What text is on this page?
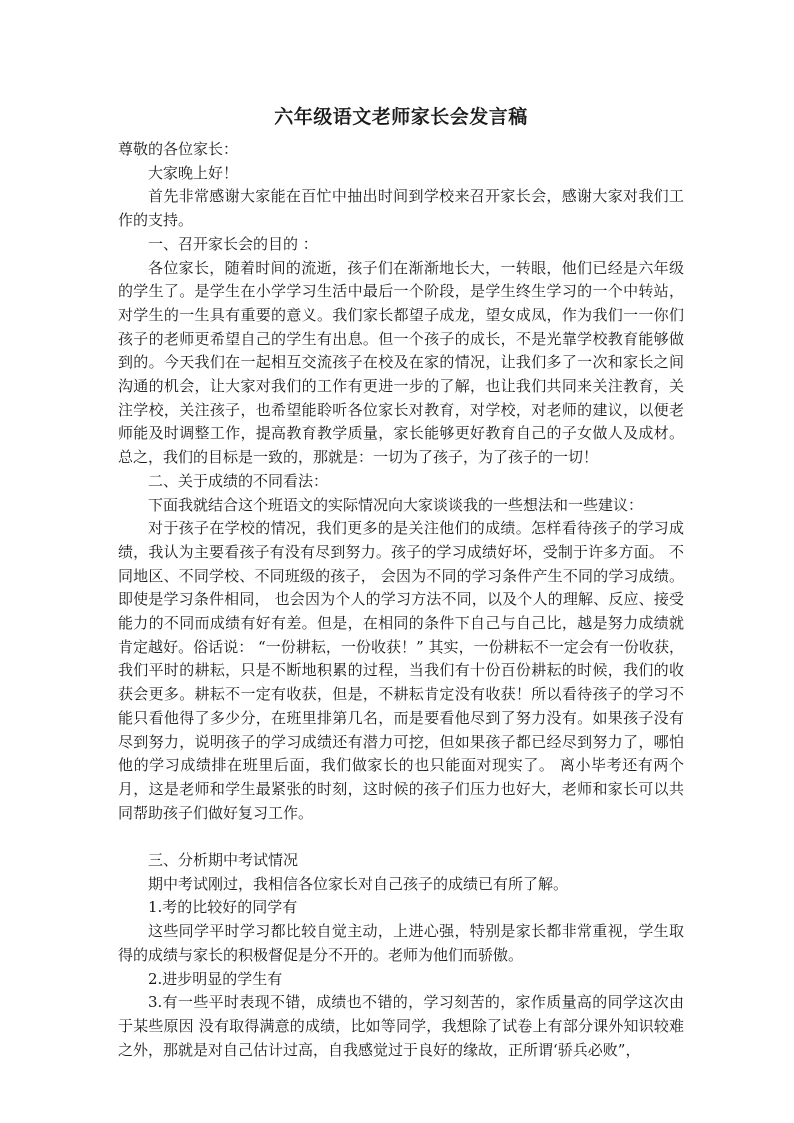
六年级语文老师家长会发言稿

尊敬的各位家长：

大家晚上好！

首先非常感谢大家能在百忙中抽出时间到学校来召开家长会，感谢大家对我们工作的支持。

一、召开家长会的目的 ：

各位家长，随着时间的流逝，孩子们在渐渐地长大，一转眼，他们已经是六年级的学生了。是学生在小学学习生活中最后一个阶段，是学生终生学习的一个中转站，对学生的一生具有重要的意义。我们家长都望子成龙，望女成凤，作为我们一一你们孩子的老师更希望自己的学生有出息。但一个孩子的成长，不是光靠学校教育能够做到的。今天我们在一起相互交流孩子在校及在家的情况，让我们多了一次和家长之间沟通的机会，让大家对我们的工作有更进一步的了解，也让我们共同来关注教育，关注学校，关注孩子，也希望能聆听各位家长对教育，对学校，对老师的建议，以便老师能及时调整工作，提高教育教学质量，家长能够更好教育自己的子女做人及成材。总之，我们的目标是一致的，那就是：一切为了孩子，为了孩子的一切！

二、关于成绩的不同看法：

下面我就结合这个班语文的实际情况向大家谈谈我的一些想法和一些建议：

对于孩子在学校的情况，我们更多的是关注他们的成绩。怎样看待孩子的学习成绩，我认为主要看孩子有没有尽到努力。孩子的学习成绩好坏，受制于许多方面。 不同地区、不同学校、不同班级的孩子， 会因为不同的学习条件产生不同的学习成绩。即使是学习条件相同， 也会因为个人的学习方法不同，以及个人的理解、反应、接受能力的不同而成绩有好有差。但是，在相同的条件下自己与自己比，越是努力成绩就肯定越好。俗话说： “一份耕耘，一份收获！” 其实，一份耕耘不一定会有一份收获，我们平时的耕耘，只是不断地积累的过程，当我们有十份百份耕耘的时候，我们的收获会更多。耕耘不一定有收获，但是，不耕耘肯定没有收获！所以看待孩子的学习不能只看他得了多少分，在班里排第几名，而是要看他尽到了努力没有。如果孩子没有尽到努力，说明孩子的学习成绩还有潜力可挖，但如果孩子都已经尽到努力了，哪怕他的学习成绩排在班里后面，我们做家长的也只能面对现实了。 离小毕考还有两个月，这是老师和学生最紧张的时刻，这时候的孩子们压力也好大，老师和家长可以共同帮助孩子们做好复习工作。

三、分析期中考试情况

期中考试刚过，我相信各位家长对自己孩子的成绩已有所了解。

1.考的比较好的同学有

这些同学平时学习都比较自觉主动，上进心强，特别是家长都非常重视，学生取得的成绩与家长的积极督促是分不开的。老师为他们而骄傲。

2.进步明显的学生有

3.有一些平时表现不错，成绩也不错的，学习刻苦的，家作质量高的同学这次由于某些原因 没有取得满意的成绩，比如等同学，我想除了试卷上有部分课外知识较难之外，那就是对自己估计过高，自我感觉过于良好的缘故，正所谓‘骄兵必败”，
